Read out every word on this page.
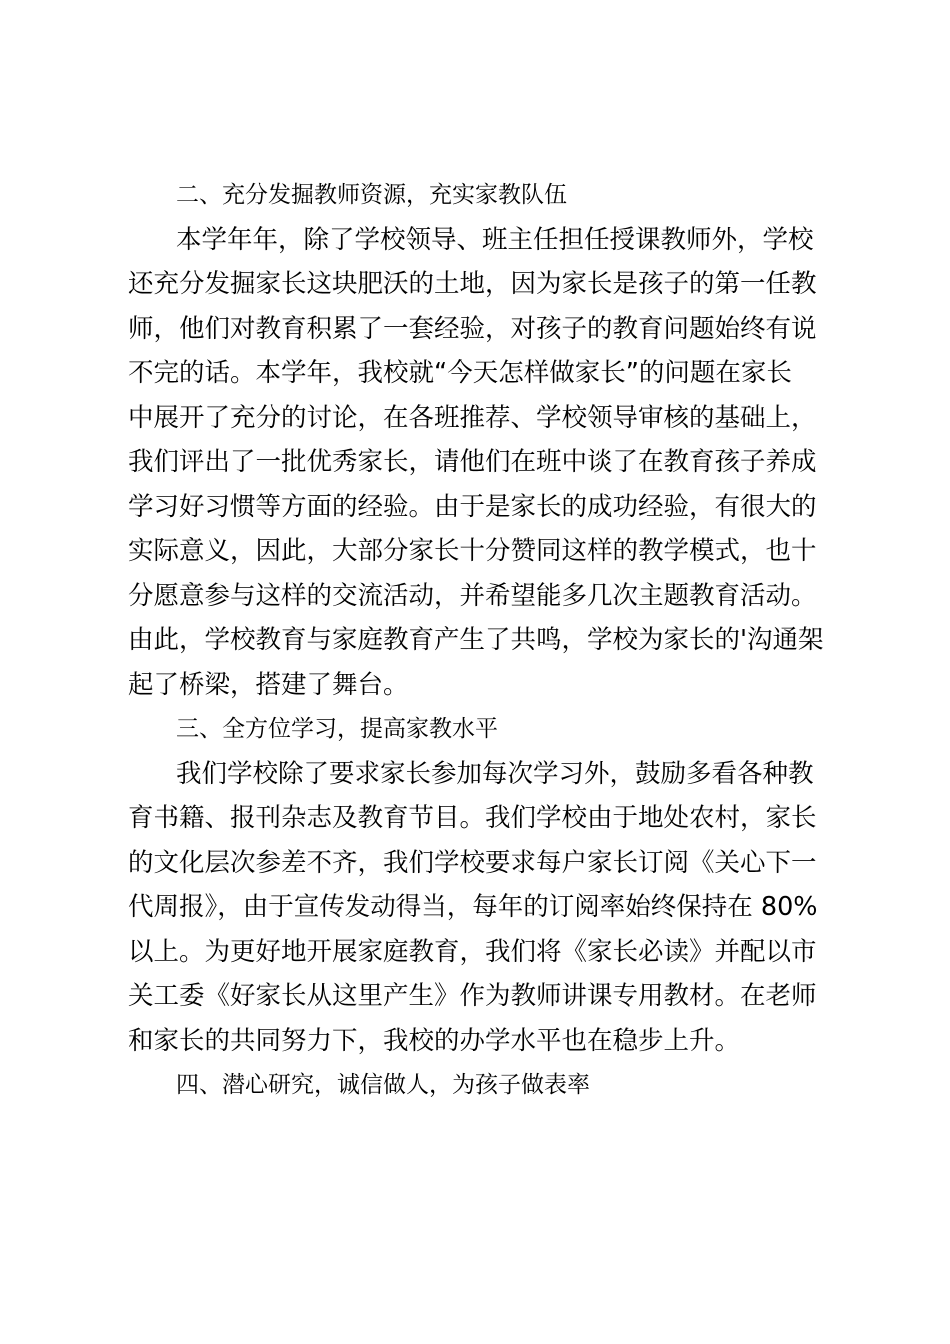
二、充分发掘教师资源，充实家教队伍

本学年年，除了学校领导、班主任担任授课教师外，学校
还充分发掘家长这块肥沃的土地，因为家长是孩子的第一任教
师，他们对教育积累了一套经验，对孩子的教育问题始终有说
不完的话。本学年，我校就“今天怎样做家长”的问题在家长
中展开了充分的讨论，在各班推荐、学校领导审核的基础上，
我们评出了一批优秀家长，请他们在班中谈了在教育孩子养成
学习好习惯等方面的经验。由于是家长的成功经验，有很大的
实际意义，因此，大部分家长十分赞同这样的教学模式，也十
分愿意参与这样的交流活动，并希望能多几次主题教育活动。
由此，学校教育与家庭教育产生了共鸣，学校为家长的'沟通架
起了桥梁，搭建了舞台。

三、全方位学习，提高家教水平

我们学校除了要求家长参加每次学习外，鼓励多看各种教
育书籍、报刊杂志及教育节目。我们学校由于地处农村，家长
的文化层次参差不齐，我们学校要求每户家长订阅《关心下一
代周报》，由于宣传发动得当，每年的订阅率始终保持在 80%
以上。为更好地开展家庭教育，我们将《家长必读》并配以市
关工委《好家长从这里产生》作为教师讲课专用教材。在老师
和家长的共同努力下，我校的办学水平也在稳步上升。

四、潜心研究，诚信做人，为孩子做表率
